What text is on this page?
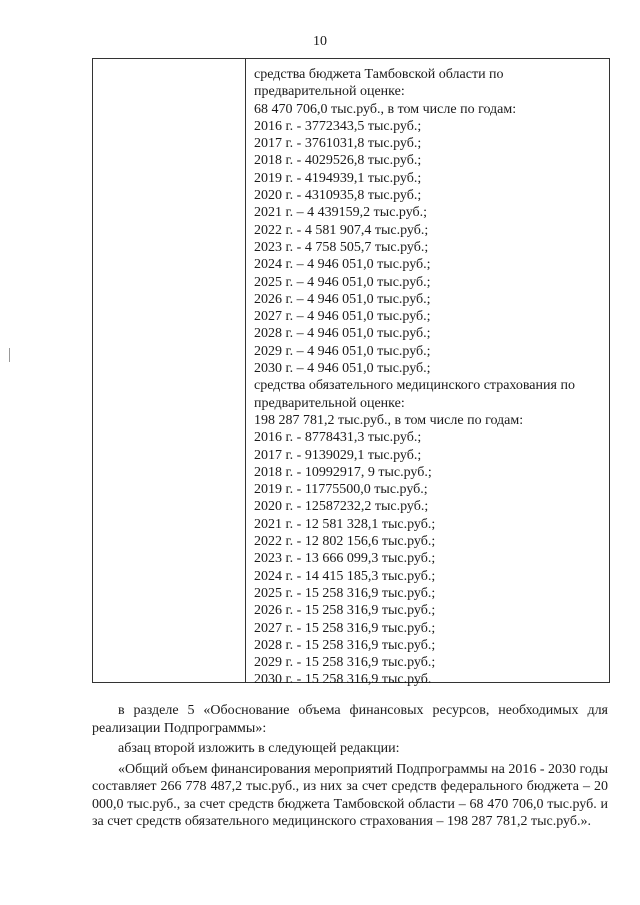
10
средства бюджета Тамбовской области по
предварительной оценке:
68 470 706,0 тыс.руб., в том числе по годам:
2016 г. - 3772343,5 тыс.руб.;
2017 г. - 3761031,8 тыс.руб.;
2018 г. - 4029526,8 тыс.руб.;
2019 г. - 4194939,1 тыс.руб.;
2020 г. - 4310935,8 тыс.руб.;
2021 г. – 4 439159,2 тыс.руб.;
2022 г. - 4 581 907,4 тыс.руб.;
2023 г. - 4 758 505,7 тыс.руб.;
2024 г. – 4 946 051,0 тыс.руб.;
2025 г. – 4 946 051,0 тыс.руб.;
2026 г. – 4 946 051,0 тыс.руб.;
2027 г. – 4 946 051,0 тыс.руб.;
2028 г. – 4 946 051,0 тыс.руб.;
2029 г. – 4 946 051,0 тыс.руб.;
2030 г. – 4 946 051,0 тыс.руб.;
средства обязательного медицинского страхования по
предварительной оценке:
198 287 781,2 тыс.руб., в том числе по годам:
2016 г. - 8778431,3 тыс.руб.;
2017 г. - 9139029,1 тыс.руб.;
2018 г. - 10992917, 9 тыс.руб.;
2019 г. - 11775500,0 тыс.руб.;
2020 г. - 12587232,2 тыс.руб.;
2021 г. - 12 581 328,1 тыс.руб.;
2022 г. - 12 802 156,6 тыс.руб.;
2023 г. - 13 666 099,3 тыс.руб.;
2024 г. - 14 415 185,3 тыс.руб.;
2025 г. - 15 258 316,9 тыс.руб.;
2026 г. - 15 258 316,9 тыс.руб.;
2027 г. - 15 258 316,9 тыс.руб.;
2028 г. - 15 258 316,9 тыс.руб.;
2029 г. - 15 258 316,9 тыс.руб.;
2030 г. - 15 258 316,9 тыс.руб.

в разделе 5 «Обоснование объема финансовых ресурсов, необходимых для реализации Подпрограммы»:

абзац второй изложить в следующей редакции:

«Общий объем финансирования мероприятий Подпрограммы на 2016 - 2030 годы составляет 266 778 487,2 тыс.руб., из них за счет средств федерального бюджета – 20 000,0 тыс.руб., за счет средств бюджета Тамбовской области – 68 470 706,0 тыс.руб. и за счет средств обязательного медицинского страхования – 198 287 781,2 тыс.руб.».
